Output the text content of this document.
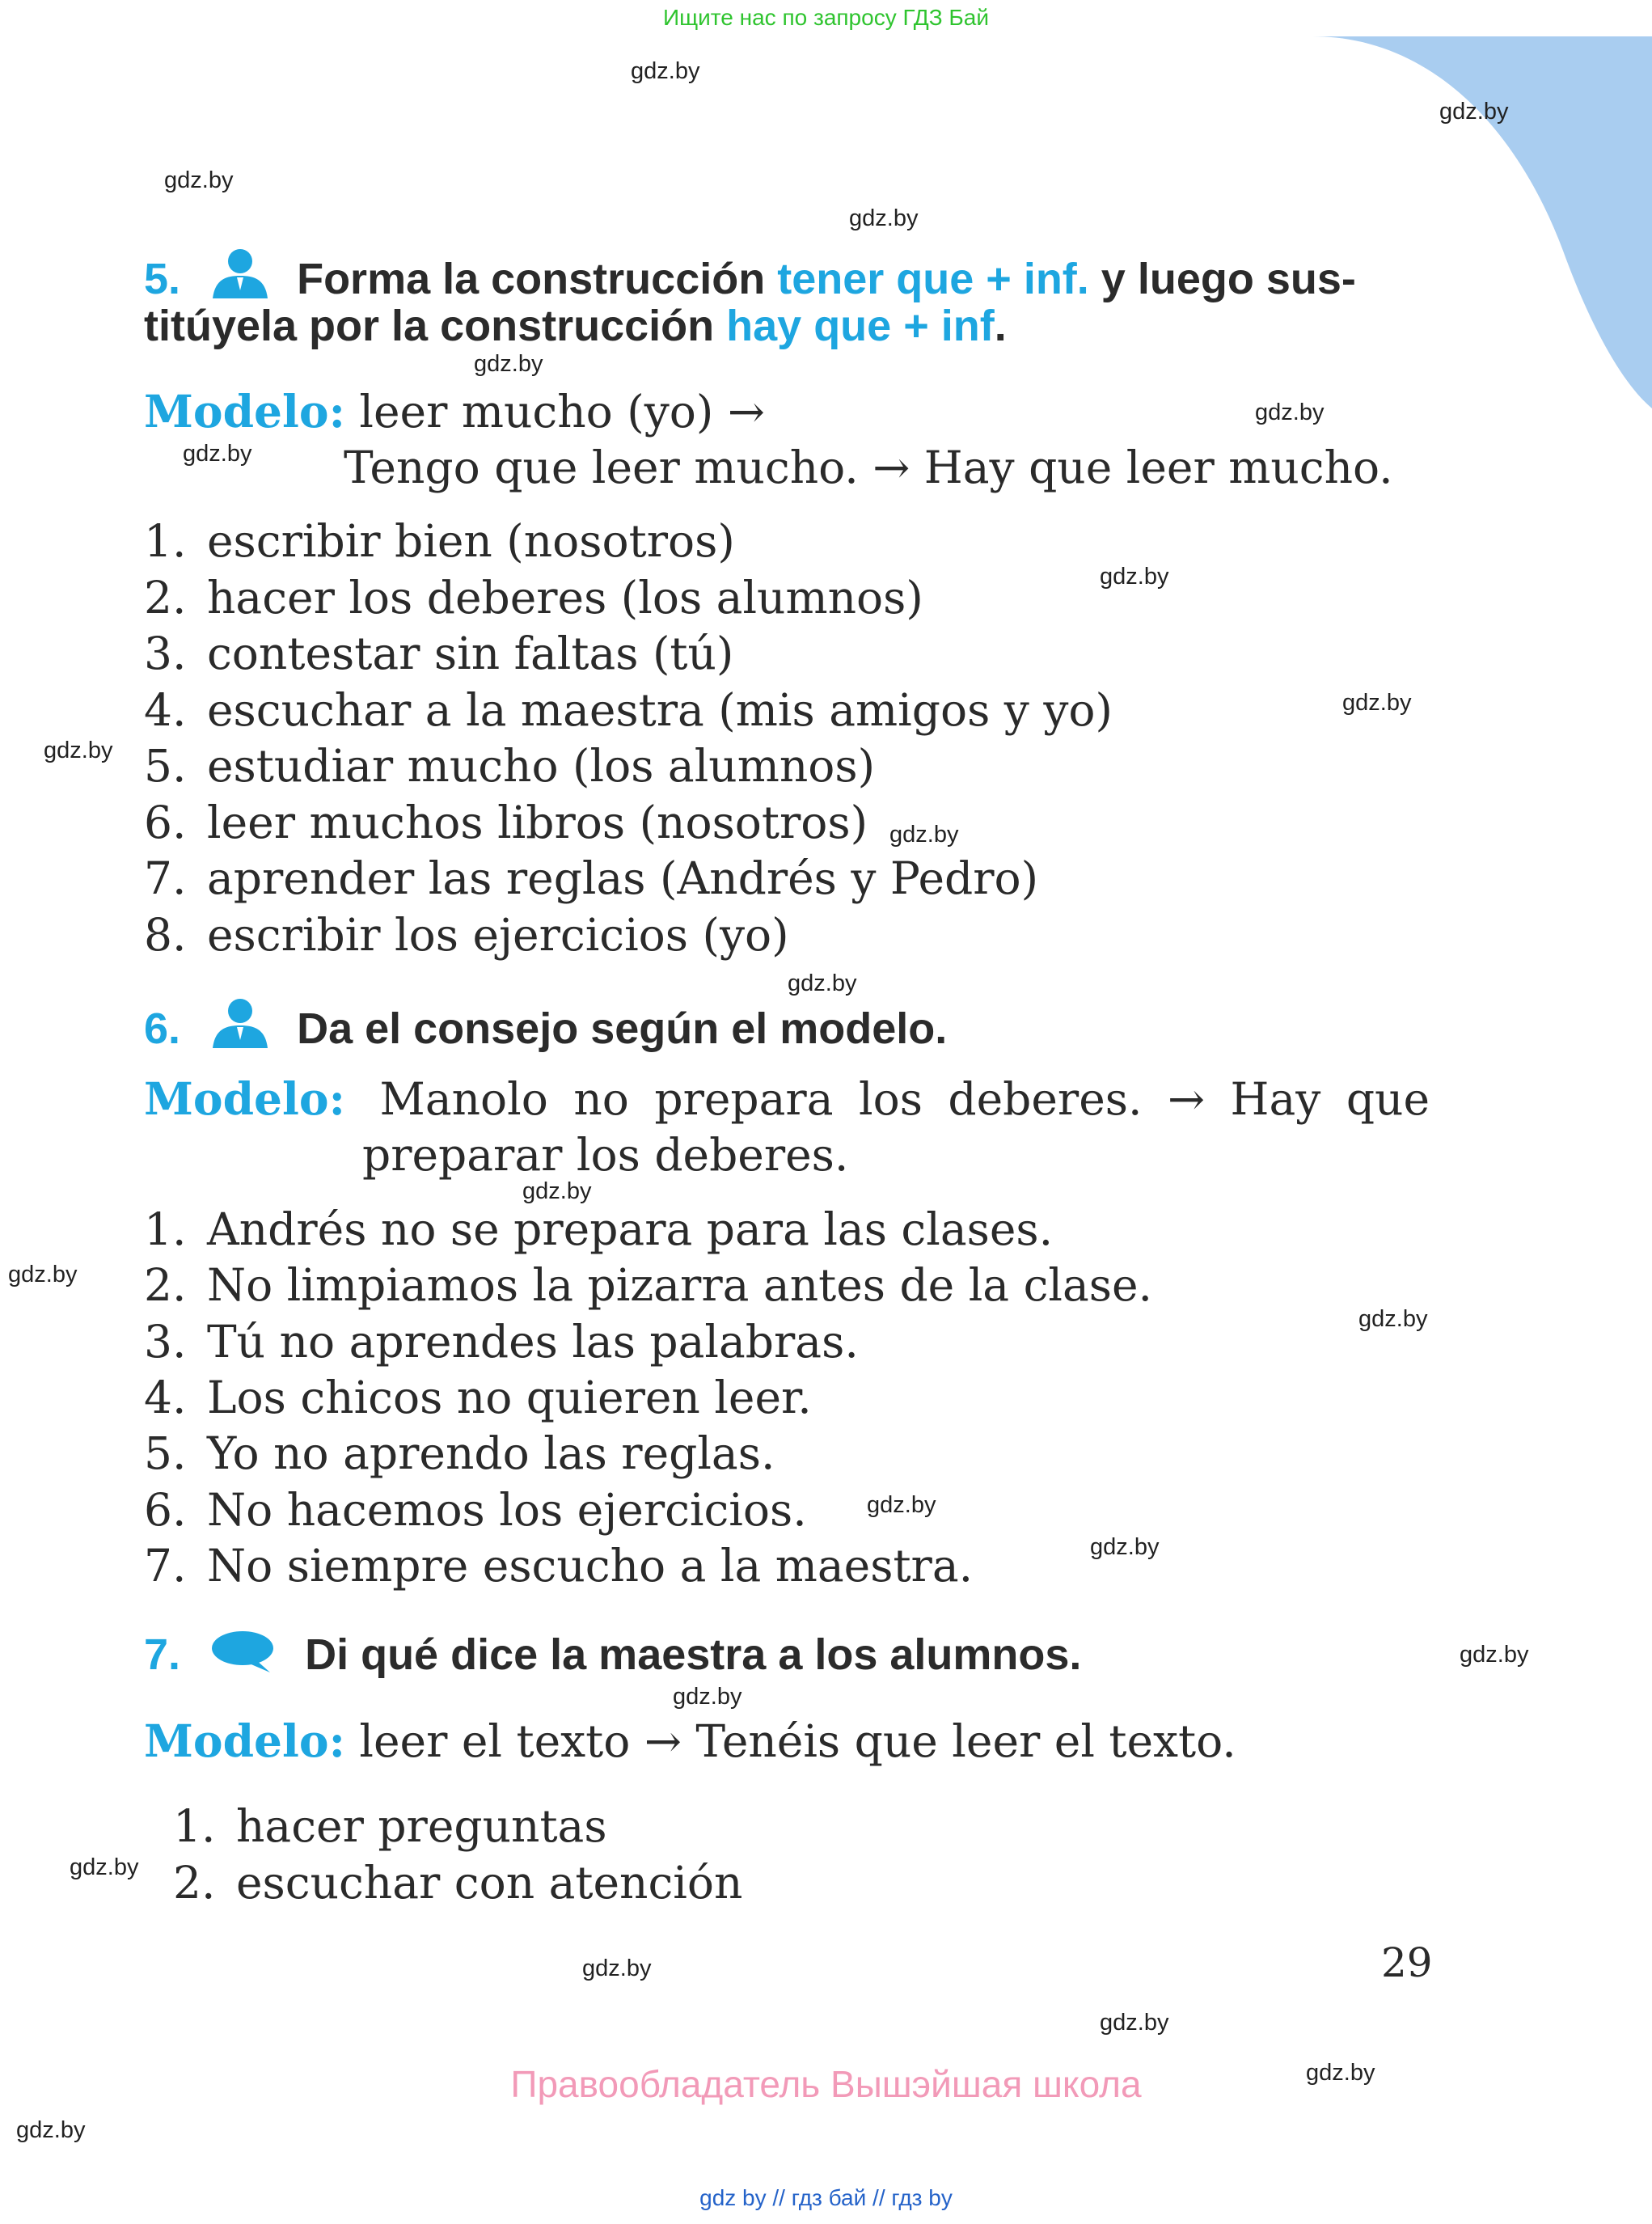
Ищите нас по запросу ГДЗ Бай
5.	Forma la construcción tener que + inf. y luego sus-
titúyela por la construcción hay que + inf.
Modelo: leer mucho (yo) →
Tengo que leer mucho. → Hay que leer mucho.
1. escribir bien (nosotros)
2. hacer los deberes (los alumnos)
3. contestar sin faltas (tú)
4. escuchar a la maestra (mis amigos y yo)
5. estudiar mucho (los alumnos)
6. leer muchos libros (nosotros)
7. aprender las reglas (Andrés y Pedro)
8. escribir los ejercicios (yo)
6.	Da el consejo según el modelo.
Modelo: Manolo no prepara los deberes. → Hay que
preparar los deberes.
1. Andrés no se prepara para las clases.
2. No limpiamos la pizarra antes de la clase.
3. Tú no aprendes las palabras.
4. Los chicos no quieren leer.
5. Yo no aprendo las reglas.
6. No hacemos los ejercicios.
7. No siempre escucho a la maestra.
7.	Di qué dice la maestra a los alumnos.
Modelo: leer el texto → Tenéis que leer el texto.
1. hacer preguntas
2. escuchar con atención
29
Правообладатель Вышэйшая школа
gdz by // гдз бай // гдз by
gdz.by
gdz.by
gdz.by
gdz.by
gdz.by
gdz.by
gdz.by
gdz.by
gdz.by
gdz.by
gdz.by
gdz.by
gdz.by
gdz.by
gdz.by
gdz.by
gdz.by
gdz.by
gdz.by
gdz.by
gdz.by
gdz.by
gdz.by
gdz.by
